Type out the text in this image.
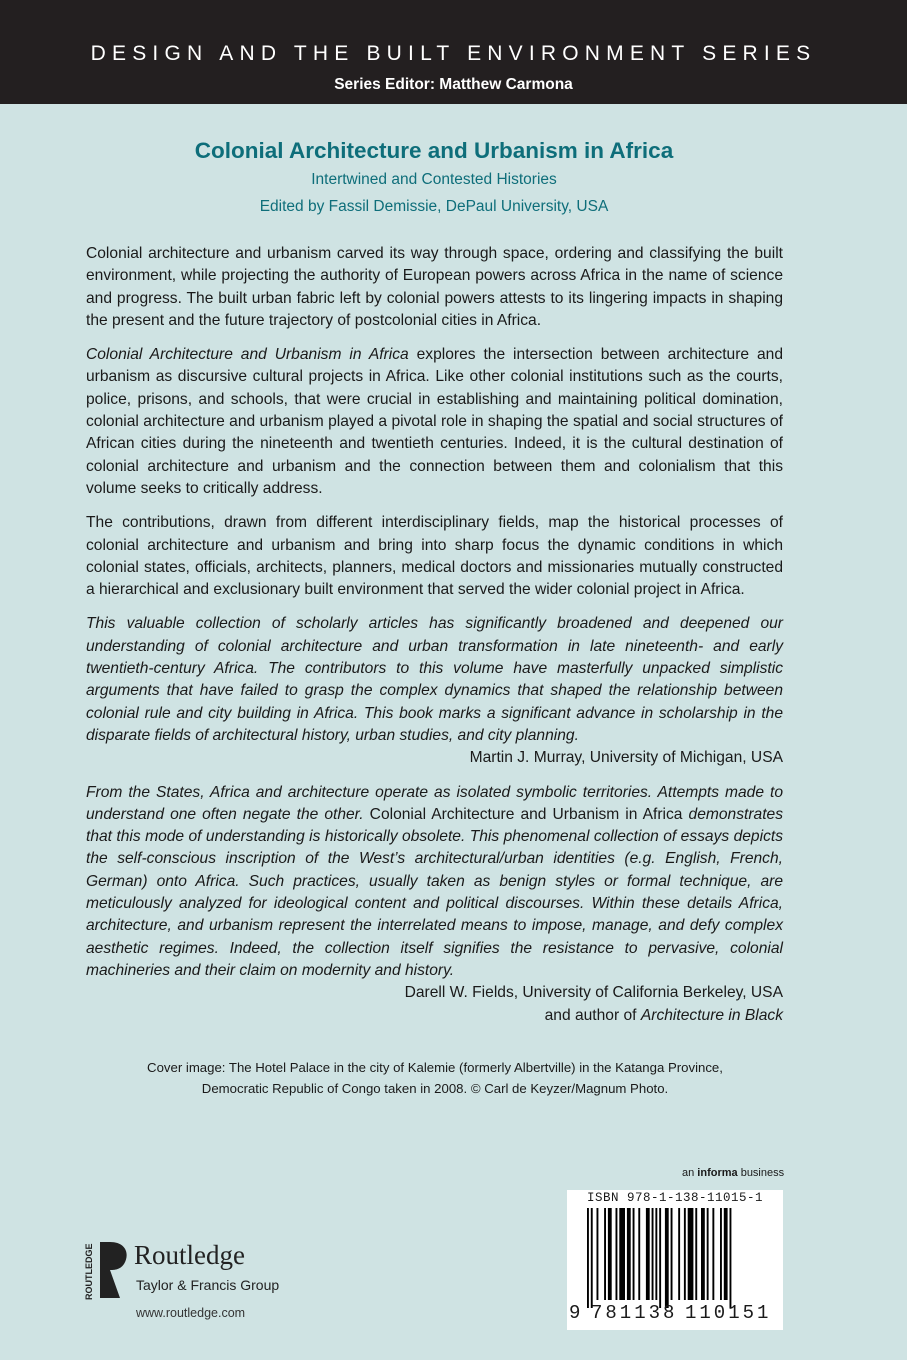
DESIGN AND THE BUILT ENVIRONMENT SERIES
Series Editor: Matthew Carmona
Colonial Architecture and Urbanism in Africa
Intertwined and Contested Histories
Edited by Fassil Demissie, DePaul University, USA

Colonial architecture and urbanism carved its way through space, ordering and classifying the built environment, while projecting the authority of European powers across Africa in the name of science and progress. The built urban fabric left by colonial powers attests to its lingering impacts in shaping the present and the future trajectory of postcolonial cities in Africa.

Colonial Architecture and Urbanism in Africa explores the intersection between architecture and urbanism as discursive cultural projects in Africa. Like other colonial institutions such as the courts, police, prisons, and schools, that were crucial in establishing and maintaining political domination, colonial architecture and urbanism played a pivotal role in shaping the spatial and social structures of African cities during the nineteenth and twentieth centuries. Indeed, it is the cultural destination of colonial architecture and urbanism and the connection between them and colonialism that this volume seeks to critically address.

The contributions, drawn from different interdisciplinary fields, map the historical processes of colonial architecture and urbanism and bring into sharp focus the dynamic conditions in which colonial states, officials, architects, planners, medical doctors and missionaries mutually constructed a hierarchical and exclusionary built environment that served the wider colonial project in Africa.

This valuable collection of scholarly articles has significantly broadened and deepened our understanding of colonial architecture and urban transformation in late nineteenth- and early twentieth-century Africa. The contributors to this volume have masterfully unpacked simplistic arguments that have failed to grasp the complex dynamics that shaped the relationship between colonial rule and city building in Africa. This book marks a significant advance in scholarship in the disparate fields of architectural history, urban studies, and city planning.

Martin J. Murray, University of Michigan, USA

From the States, Africa and architecture operate as isolated symbolic territories. Attempts made to understand one often negate the other. Colonial Architecture and Urbanism in Africa demonstrates that this mode of understanding is historically obsolete. This phenomenal collection of essays depicts the self-conscious inscription of the West’s architectural/urban identities (e.g. English, French, German) onto Africa. Such practices, usually taken as benign styles or formal technique, are meticulously analyzed for ideological content and political discourses. Within these details Africa, architecture, and urbanism represent the interrelated means to impose, manage, and defy complex aesthetic regimes. Indeed, the collection itself signifies the resistance to pervasive, colonial machineries and their claim on modernity and history.

Darell W. Fields, University of California Berkeley, USA
and author of Architecture in Black
Cover image: The Hotel Palace in the city of Kalemie (formerly Albertville) in the Katanga Province,
Democratic Republic of Congo taken in 2008. © Carl de Keyzer/Magnum Photo.
an informa business
ISBN 978-1-138-11015-1
9 781138 110151
ROUTLEDGE Routledge
Taylor & Francis Group
www.routledge.com
